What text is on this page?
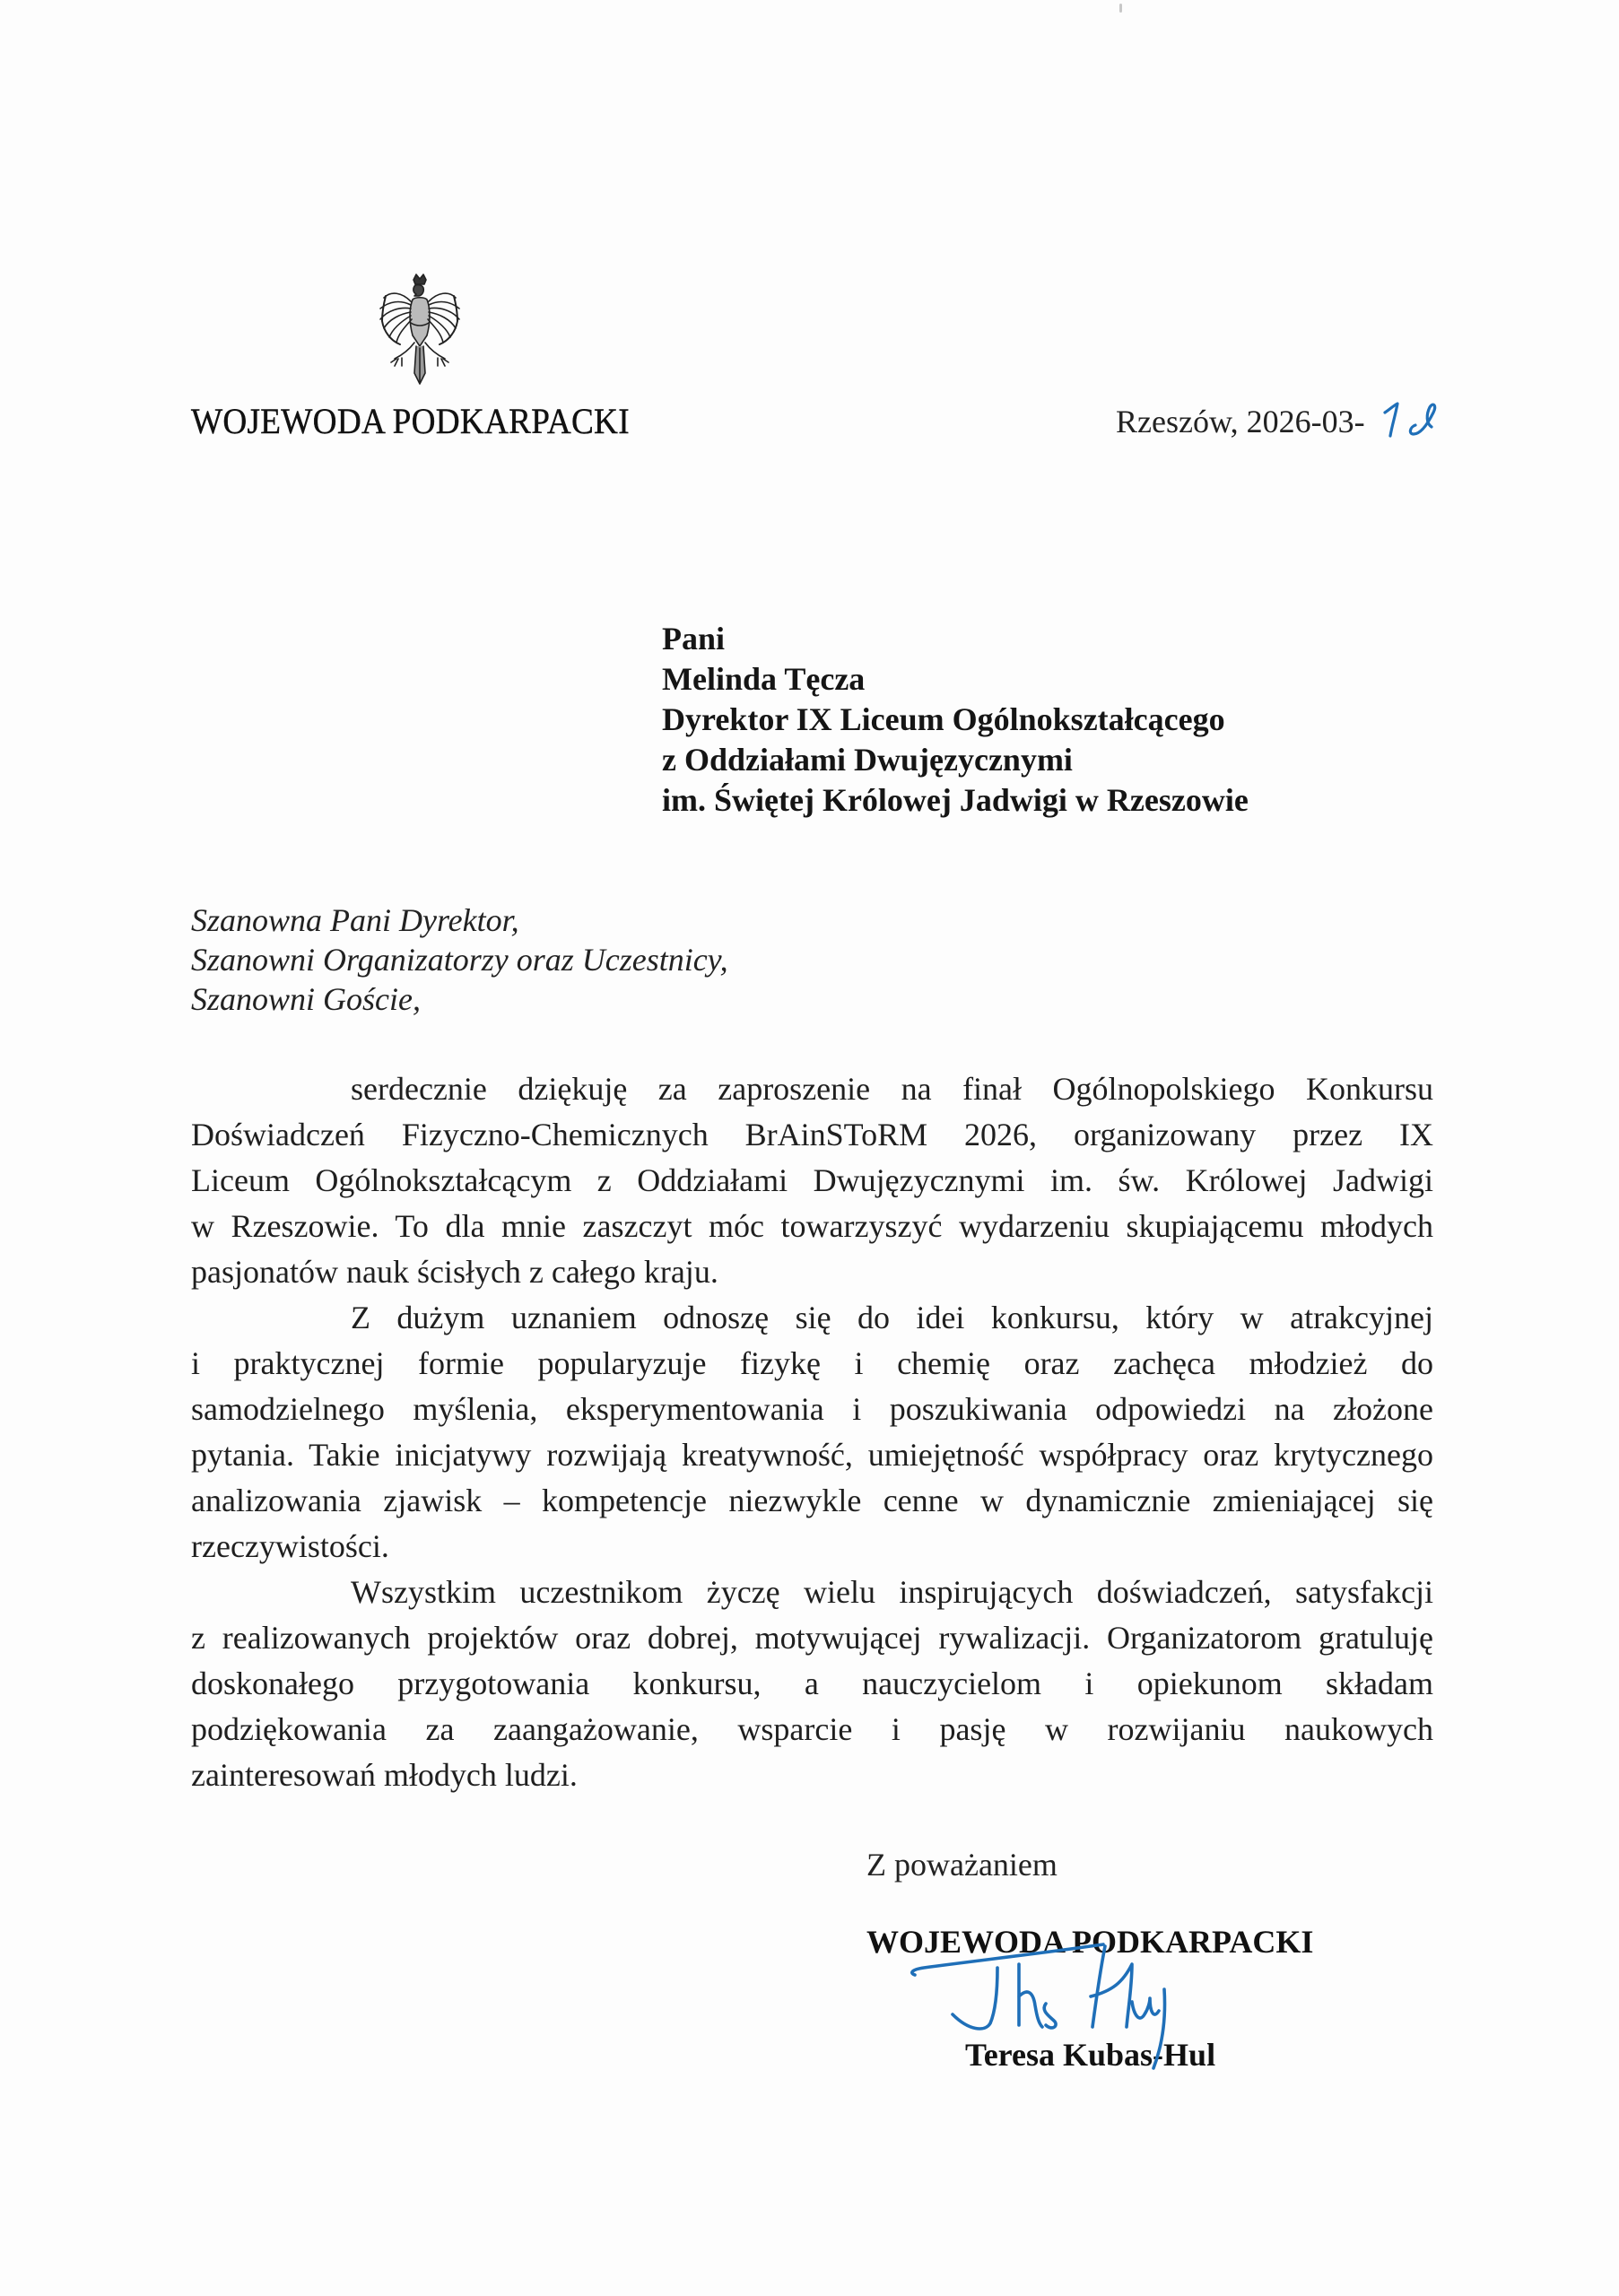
WOJEWODA PODKARPACKI	Rzeszów, 2026-03-
Pani
Melinda Tęcza
Dyrektor IX Liceum Ogólnokształcącego
z Oddziałami Dwujęzycznymi
im. Świętej Królowej Jadwigi w Rzeszowie
Szanowna Pani Dyrektor,
Szanowni Organizatorzy oraz Uczestnicy,
Szanowni Goście,
serdecznie dziękuję za zaproszenie na finał Ogólnopolskiego Konkursu
Doświadczeń Fizyczno-Chemicznych BrAinSToRM 2026, organizowany przez IX
Liceum Ogólnokształcącym z Oddziałami Dwujęzycznymi im. św. Królowej Jadwigi
w Rzeszowie. To dla mnie zaszczyt móc towarzyszyć wydarzeniu skupiającemu młodych
pasjonatów nauk ścisłych z całego kraju.
Z dużym uznaniem odnoszę się do idei konkursu, który w atrakcyjnej
i praktycznej formie popularyzuje fizykę i chemię oraz zachęca młodzież do
samodzielnego myślenia, eksperymentowania i poszukiwania odpowiedzi na złożone
pytania. Takie inicjatywy rozwijają kreatywność, umiejętność współpracy oraz krytycznego
analizowania zjawisk – kompetencje niezwykle cenne w dynamicznie zmieniającej się
rzeczywistości.
Wszystkim uczestnikom życzę wielu inspirujących doświadczeń, satysfakcji
z realizowanych projektów oraz dobrej, motywującej rywalizacji. Organizatorom gratuluję
doskonałego przygotowania konkursu, a nauczycielom i opiekunom składam
podziękowania za zaangażowanie, wsparcie i pasję w rozwijaniu naukowych
zainteresowań młodych ludzi.
Z poważaniem
WOJEWODA PODKARPACKI
Teresa Kubas-Hul
